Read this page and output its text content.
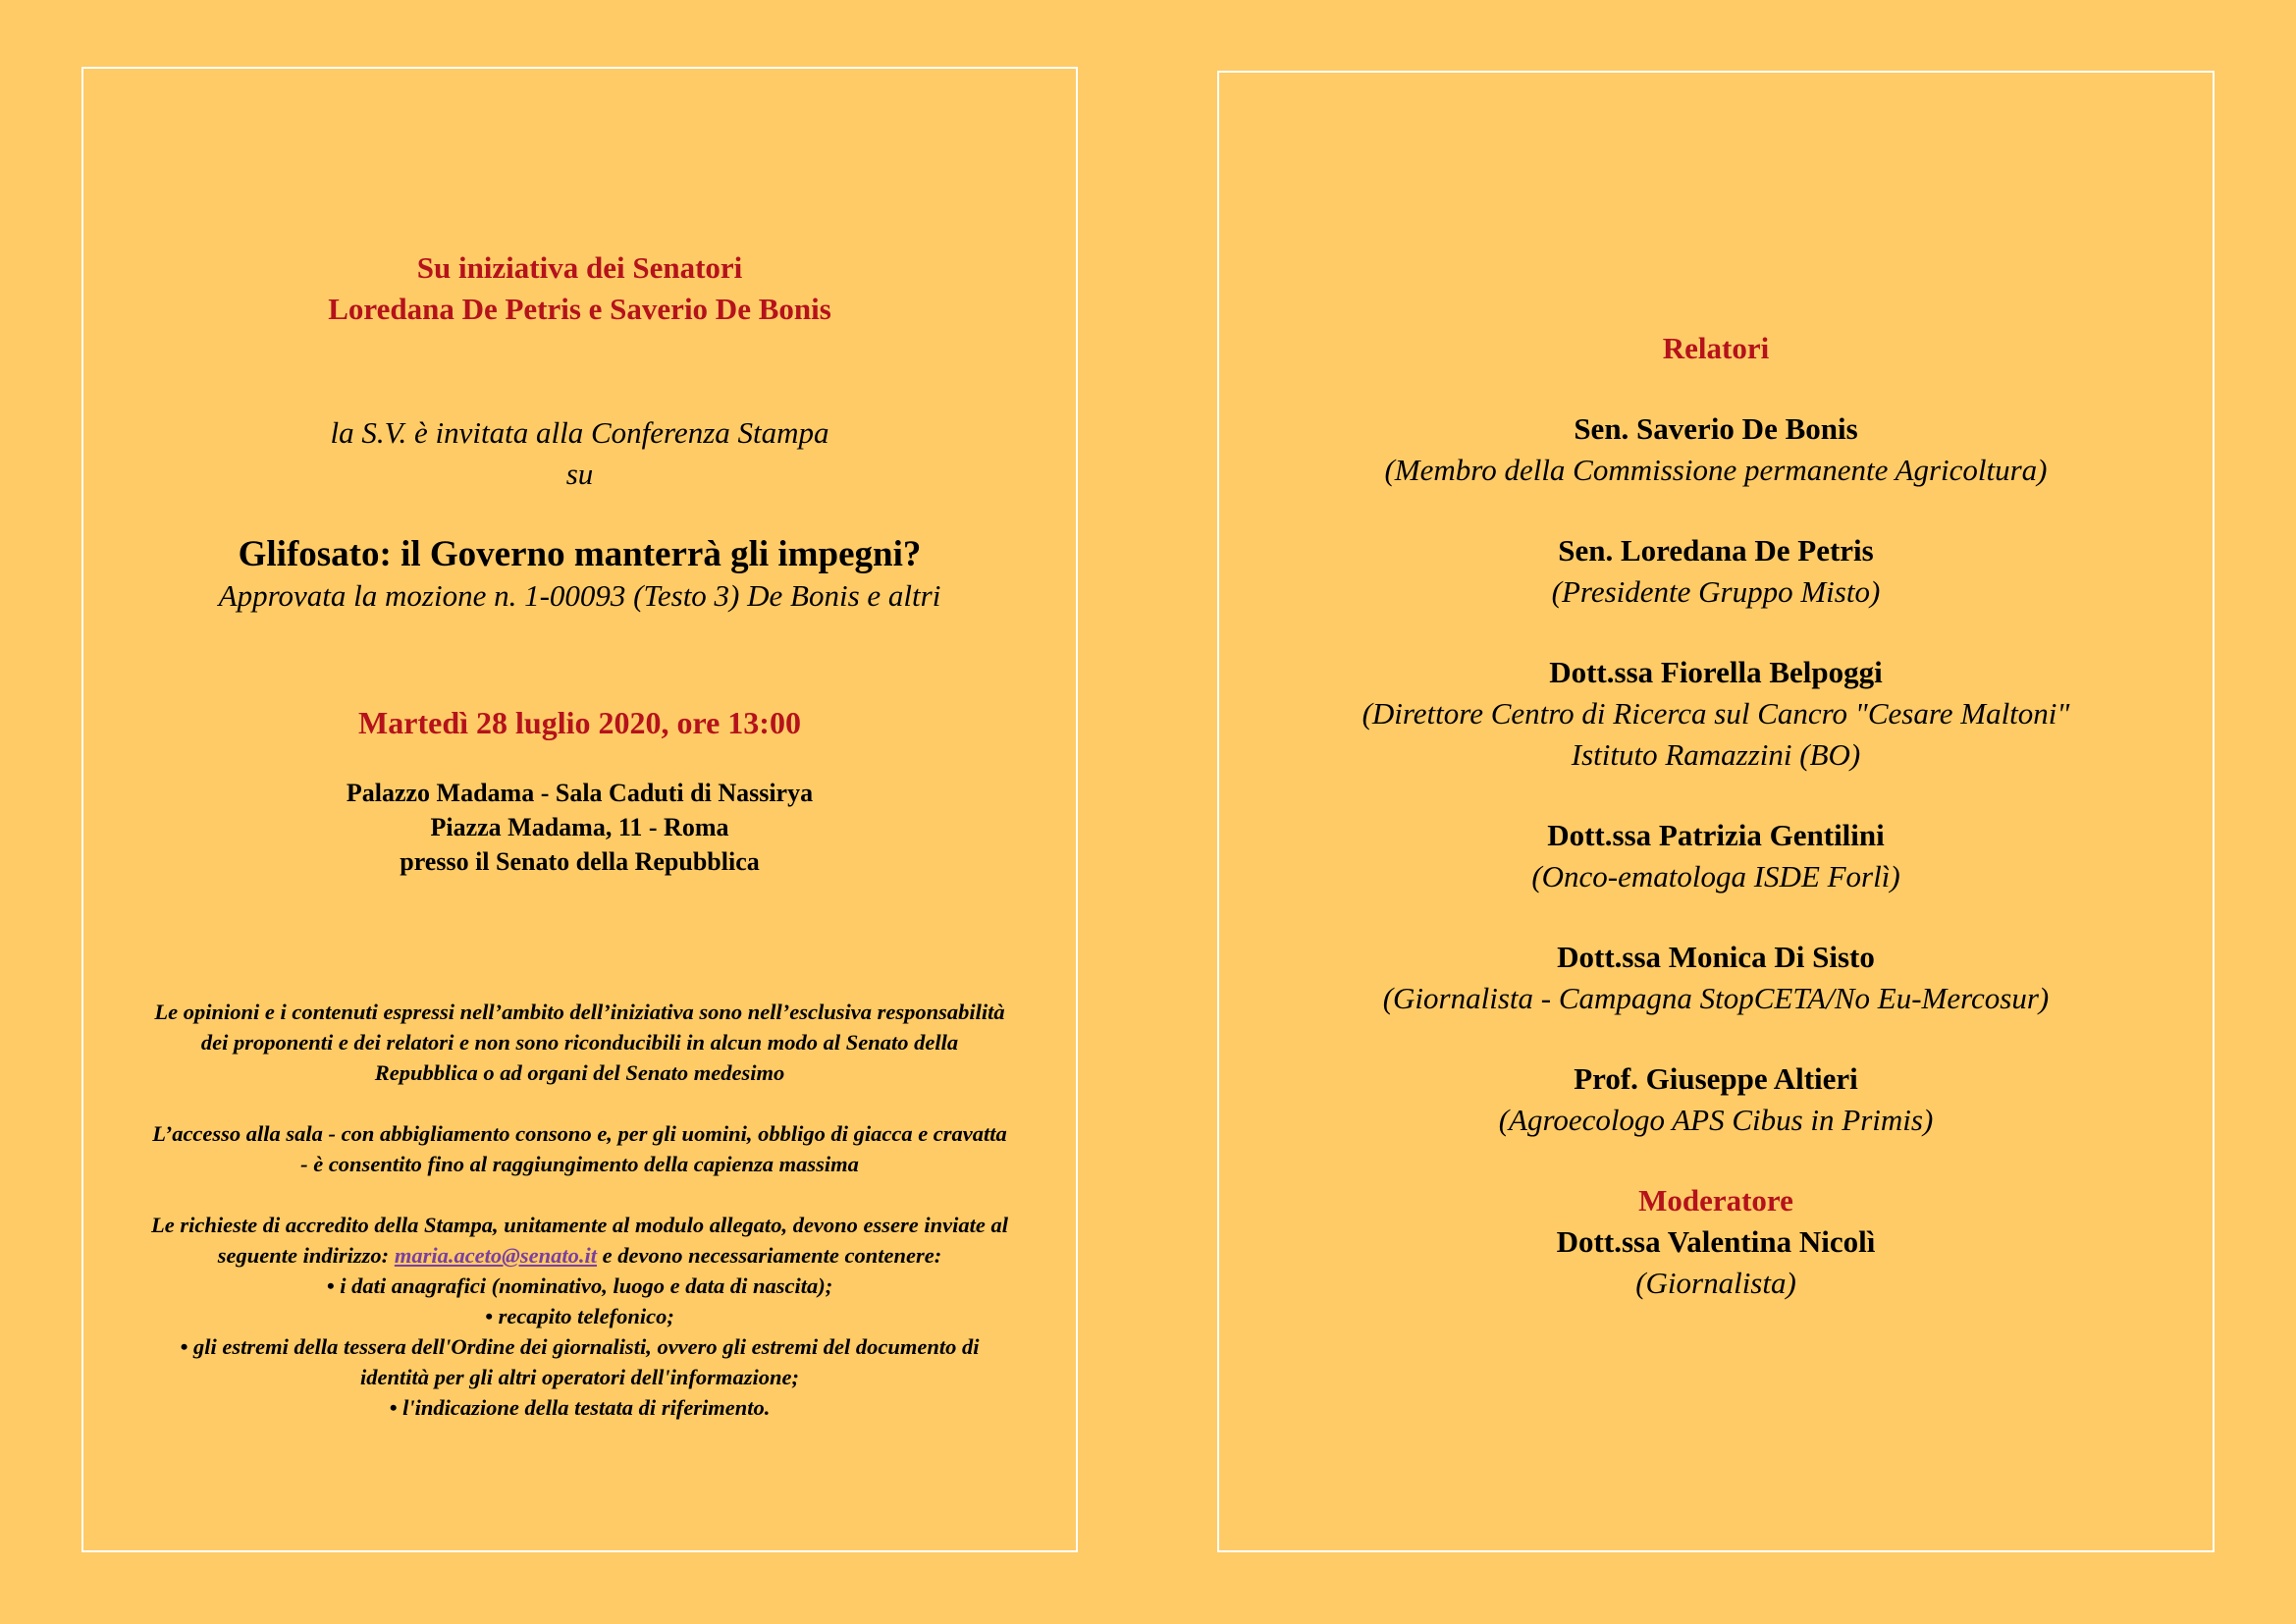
Su iniziativa dei Senatori
Loredana De Petris e Saverio De Bonis
la S.V. è invitata alla Conferenza Stampa
su
Glifosato: il Governo manterrà gli impegni?
Approvata la mozione n. 1-00093 (Testo 3) De Bonis e altri
Martedì 28 luglio 2020, ore 13:00
Palazzo Madama - Sala Caduti di Nassirya
Piazza Madama, 11 - Roma
presso il Senato della Repubblica
Le opinioni e i contenuti espressi nell’ambito dell’iniziativa sono nell’esclusiva responsabilità
dei proponenti e dei relatori e non sono riconducibili in alcun modo al Senato della
Repubblica o ad organi del Senato medesimo
L’accesso alla sala - con abbigliamento consono e, per gli uomini, obbligo di giacca e cravatta
- è consentito fino al raggiungimento della capienza massima
Le richieste di accredito della Stampa, unitamente al modulo allegato, devono essere inviate al
seguente indirizzo: maria.aceto@senato.it e devono necessariamente contenere:
• i dati anagrafici (nominativo, luogo e data di nascita);
• recapito telefonico;
• gli estremi della tessera dell'Ordine dei giornalisti, ovvero gli estremi del documento di
identità per gli altri operatori dell'informazione;
• l'indicazione della testata di riferimento.
Relatori
Sen. Saverio De Bonis
(Membro della Commissione permanente Agricoltura)
Sen. Loredana De Petris
(Presidente Gruppo Misto)
Dott.ssa Fiorella Belpoggi
(Direttore Centro di Ricerca sul Cancro "Cesare Maltoni"
Istituto Ramazzini (BO)
Dott.ssa Patrizia Gentilini
(Onco-ematologa ISDE Forlì)
Dott.ssa Monica Di Sisto
(Giornalista - Campagna StopCETA/No Eu-Mercosur)
Prof. Giuseppe Altieri
(Agroecologo APS Cibus in Primis)
Moderatore
Dott.ssa Valentina Nicolì
(Giornalista)
